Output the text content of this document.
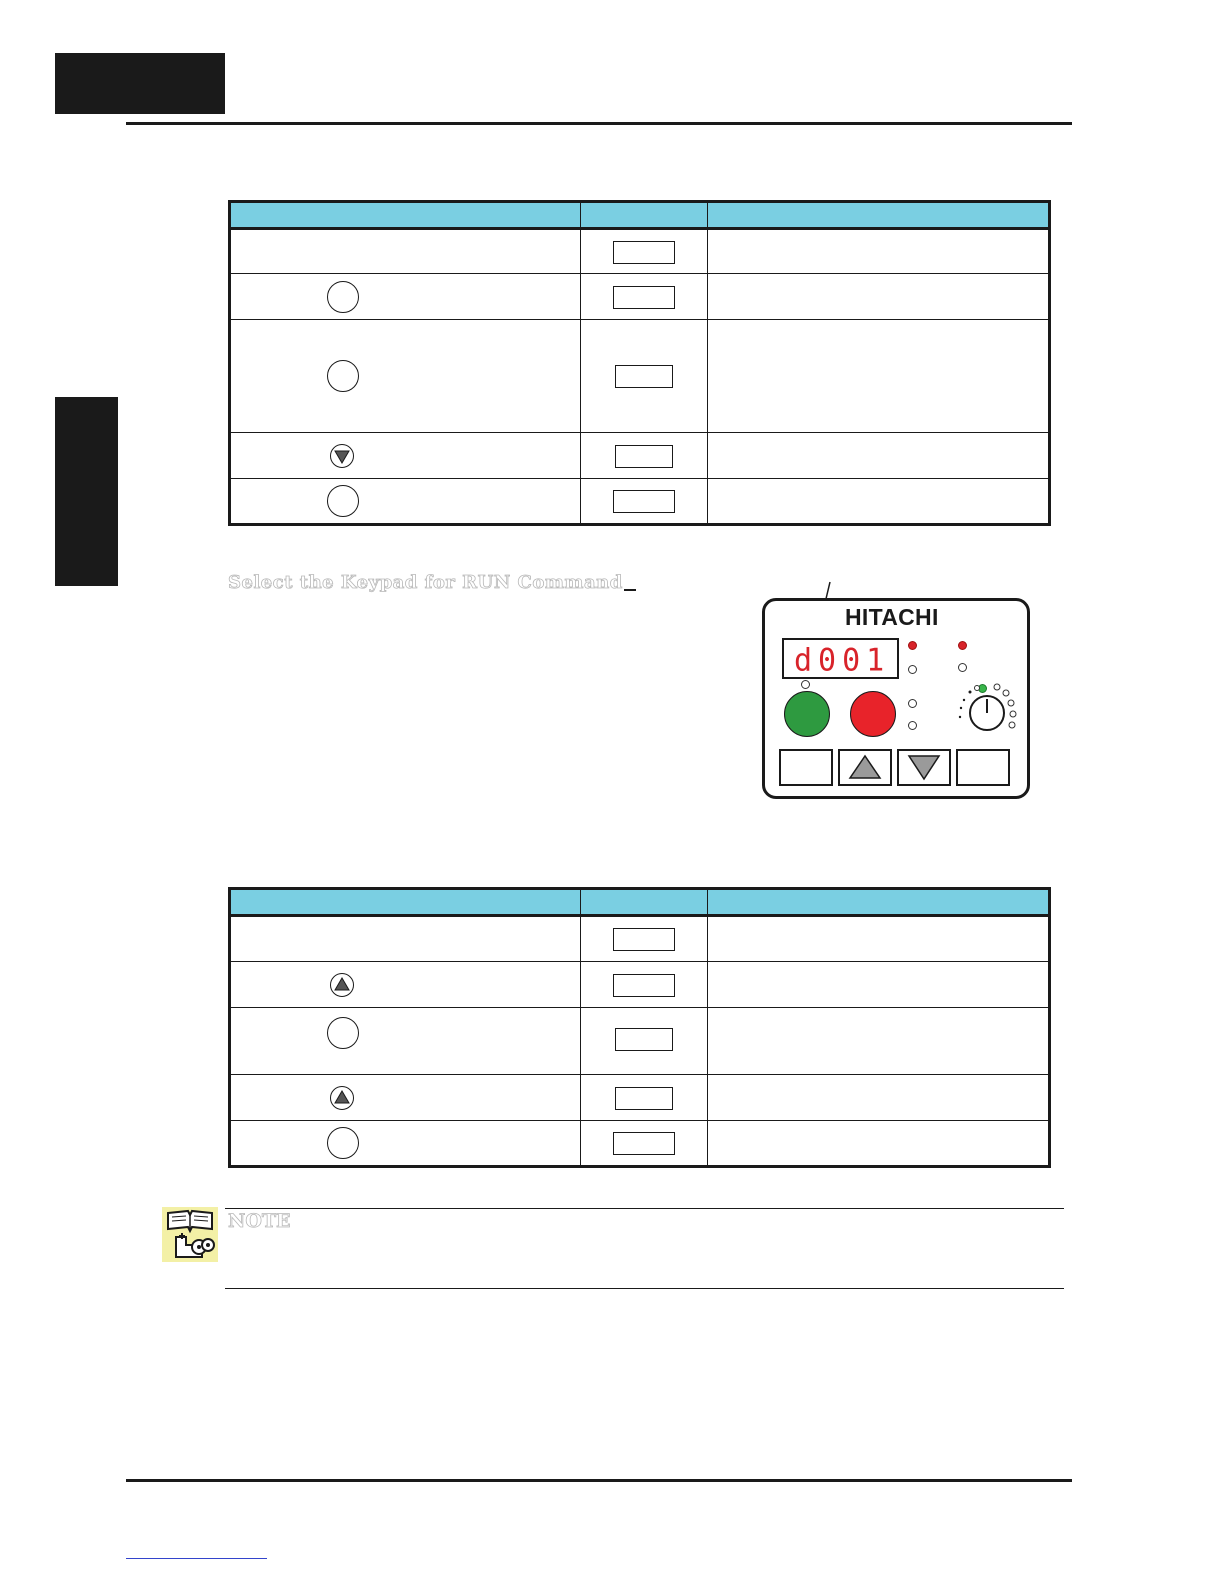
Select the Keypad for RUN Command
HITACHI
d001

NOTE
